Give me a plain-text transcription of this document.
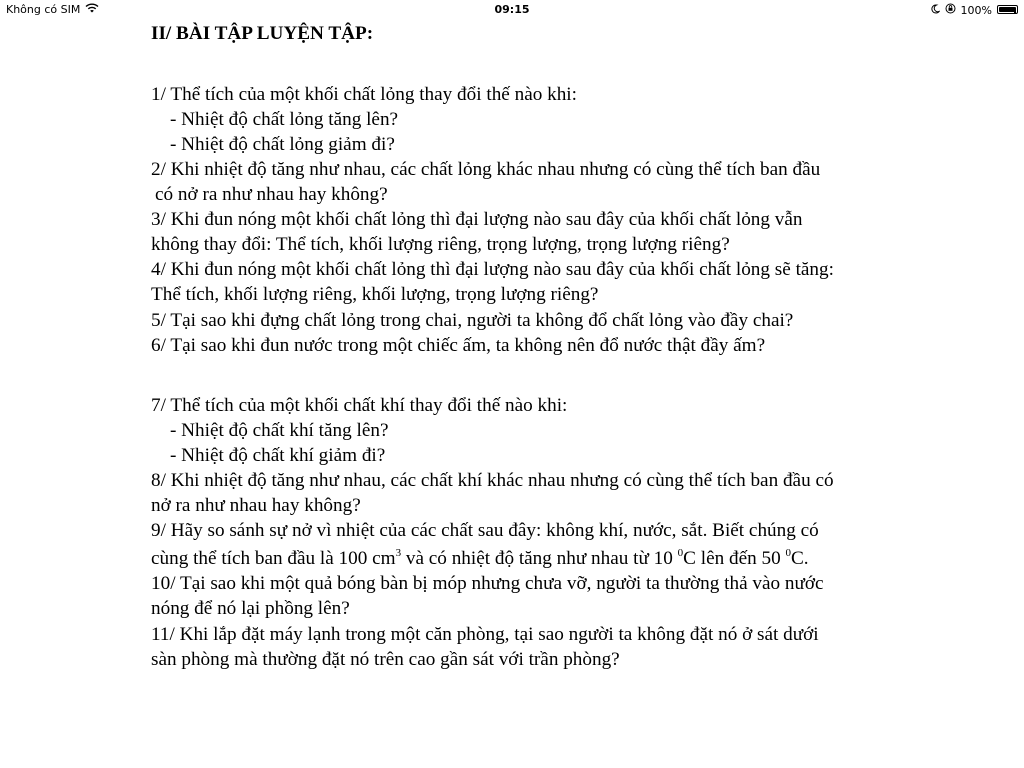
Không có SIM	09:15	100%
II/ BÀI TẬP LUYỆN TẬP:
1/ Thể tích của một khối chất lỏng thay đổi thế nào khi:
- Nhiệt độ chất lỏng tăng lên?
- Nhiệt độ chất lỏng giảm đi?
2/ Khi nhiệt độ tăng như nhau, các chất lỏng khác nhau nhưng có cùng thể tích ban đầu
có nở ra như nhau hay không?
3/ Khi đun nóng một khối chất lỏng thì đại lượng nào sau đây của khối chất lỏng vẫn
không thay đổi: Thể tích, khối lượng riêng, trọng lượng, trọng lượng riêng?
4/ Khi đun nóng một khối chất lỏng thì đại lượng nào sau đây của khối chất lỏng sẽ tăng:
Thể tích, khối lượng riêng, khối lượng, trọng lượng riêng?
5/ Tại sao khi đựng chất lỏng trong chai, người ta không đổ chất lỏng vào đầy chai?
6/ Tại sao khi đun nước trong một chiếc ấm, ta không nên đổ nước thật đầy ấm?
7/ Thể tích của một khối chất khí thay đổi thế nào khi:
- Nhiệt độ chất khí tăng lên?
- Nhiệt độ chất khí giảm đi?
8/ Khi nhiệt độ tăng như nhau, các chất khí khác nhau nhưng có cùng thể tích ban đầu có
nở ra như nhau hay không?
9/ Hãy so sánh sự nở vì nhiệt của các chất sau đây: không khí, nước, sắt. Biết chúng có
cùng thể tích ban đầu là 100 $cm^3$ và có nhiệt độ tăng như nhau từ 10 $^0$C lên đến 50 $^0$C.
10/ Tại sao khi một quả bóng bàn bị móp nhưng chưa vỡ, người ta thường thả vào nước
nóng để nó lại phồng lên?
11/ Khi lắp đặt máy lạnh trong một căn phòng, tại sao người ta không đặt nó ở sát dưới
sàn phòng mà thường đặt nó trên cao gần sát với trần phòng?
